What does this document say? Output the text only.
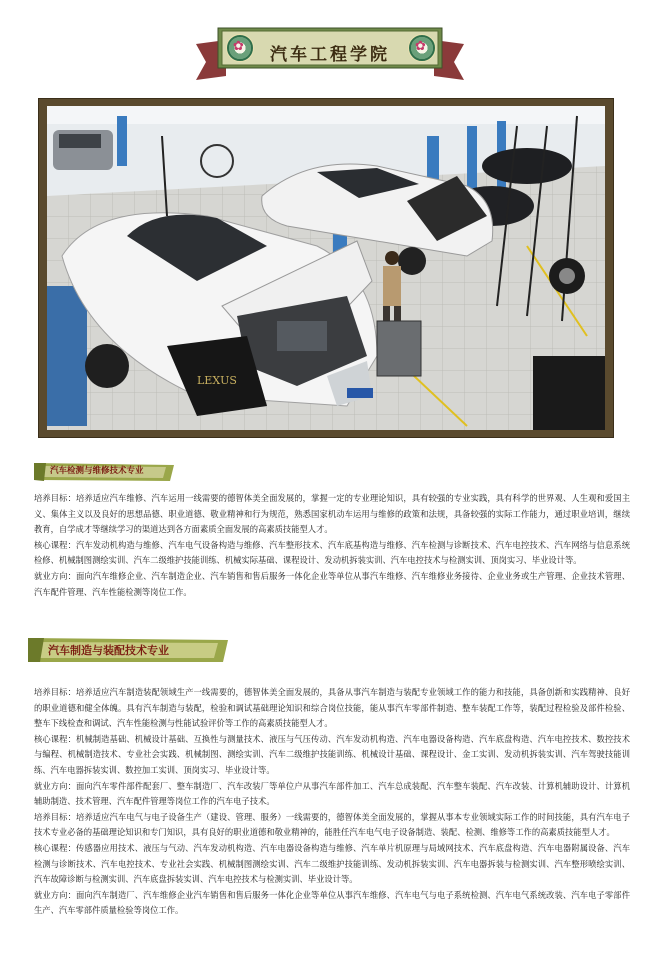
✿	✿
汽车工程学院
LEXUS
汽车检测与维修技术专业

培养目标：培养适应汽车维修、汽车运用一线需要的德智体美全面发展的，掌握一定的专业理论知识，具有较强的专业实践，具有科学的世界观、人生观和爱国主义、集体主义以及良好的思想品德、职业道德、敬业精神和行为规范，熟悉国家机动车运用与维修的政策和法规，具备较强的实际工作能力，通过职业培训，继续教育，自学成才等继续学习的渠道达到各方面素质全面发展的高素质技能型人才。

核心课程：汽车发动机构造与维修、汽车电气设备构造与维修、汽车整形技术、汽车底基构造与维修、汽车检测与诊断技术、汽车电控技术、汽车网络与信息系统检修、机械制图测绘实训、汽车二级维护技能训练、机械实际基础、课程设计、发动机拆装实训、汽车电控技术与检测实训、顶岗实习、毕业设计等。

就业方向：面向汽车维修企业、汽车制造企业、汽车销售和售后服务一体化企业等单位从事汽车维修、汽车维修业务接待、企业业务或生产管理、企业技术管理、汽车配件管理、汽车性能检测等岗位工作。

汽车制造与装配技术专业

培养目标：培养适应汽车制造装配领域生产一线需要的，德智体美全面发展的，具备从事汽车制造与装配专业领域工作的能力和技能，具备创新和实践精神、良好的职业道德和健全体魄。具有汽车制造与装配，检验和调试基础理论知识和综合岗位技能，能从事汽车零部件制造、整车装配工作等，装配过程检验及部件检验、整车下线检查和调试、汽车性能检测与性能试验评价等工作的高素质技能型人才。

核心课程：机械制造基础、机械设计基础、互换性与测量技术、液压与气压传动、汽车发动机构造、汽车电器设备构造、汽车底盘构造、汽车电控技术、数控技术与编程、机械制造技术、专业社会实践、机械制图、测绘实训、汽车二级维护技能训练、机械设计基础、课程设计、金工实训、发动机拆装实训、汽车驾驶技能训练、汽车电器拆装实训、数控加工实训、顶岗实习、毕业设计等。

就业方向：面向汽车零件部件配套厂、整车制造厂、汽车改装厂等单位户从事汽车部件加工、汽车总成装配、汽车整车装配、汽车改装、计算机辅助设计、计算机辅助制造、技术管理、汽车配件管理等岗位工作的汽车电子技术。

培养目标：培养适应汽车电气与电子设备生产（建设、管理、服务）一线需要的，德智体美全面发展的，掌握从事本专业领域实际工作的时间技能，具有汽车电子技术专业必备的基础理论知识和专门知识，具有良好的职业道德和敬业精神的，能胜任汽车电气电子设备制造、装配、检测、维修等工作的高素质技能型人才。

核心课程：传感器应用技术、液压与气动、汽车发动机构造、汽车电器设备构造与维修、汽车单片机原理与局域网技术、汽车底盘构造、汽车电器附属设备、汽车检测与诊断技术、汽车电控技术、专业社会实践、机械制图测绘实训、汽车二级维护技能训练、发动机拆装实训、汽车电器拆装与检测实训、汽车整形喷绘实训、汽车故障诊断与检测实训、汽车底盘拆装实训、汽车电控技术与检测实训、毕业设计等。

就业方向：面向汽车制造厂、汽车维修企业汽车销售和售后服务一体化企业等单位从事汽车维修、汽车电气与电子系统检测、汽车电气系统改装、汽车电子零部件生产、汽车零部件质量检验等岗位工作。
